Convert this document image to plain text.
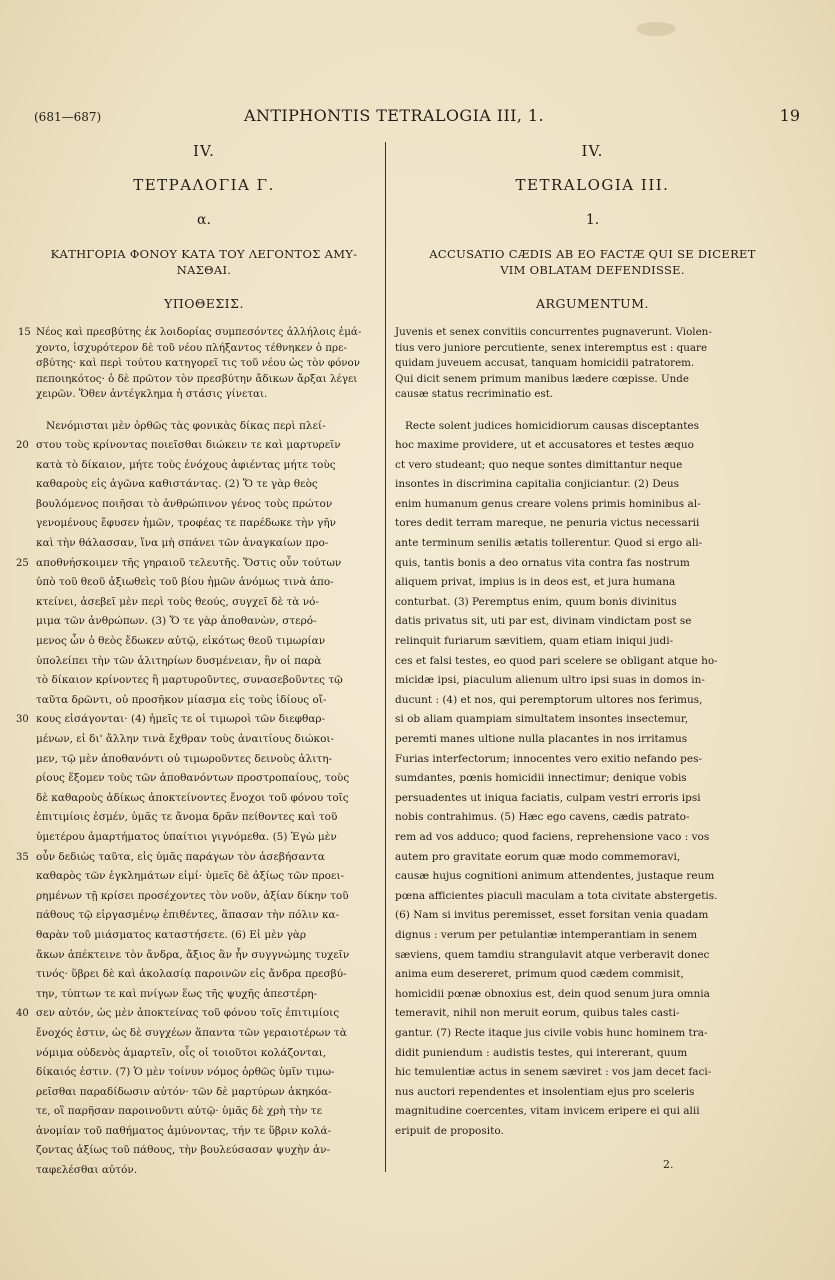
(681—687)	ANTIPHONTIS TETRALOGIA III, 1.	19
IV.
ΤΕΤΡΑΛΟΓΙΑ Γ.
α.
ΚΑΤΗΓΟΡΙΑ ΦΟΝΟΥ ΚΑΤΑ ΤΟΥ ΛΕΓΟΝΤΟΣ ΑΜΥ-
ΝΑΣΘΑΙ.
ΥΠΟΘΕΣΙΣ.

15 Νέος καὶ πρεσβύτης ἐκ λοιδορίας συμπεσόντες ἀλλήλοις ἐμά-
χοντο, ἰσχυρότερον δὲ τοῦ νέου πλήξαντος τέθνηκεν ὁ πρε-
σβύτης· καὶ περὶ τούτου κατηγορεῖ τις τοῦ νέου ὡς τὸν φόνον
πεποιηκότος· ὁ δὲ πρῶτον τὸν πρεσβύτην ἄδικων ἄρξαι λέγει
χειρῶν. Ὅθεν ἀντέγκλημα ἡ στάσις γίνεται.

Νενόμισται μὲν ὀρθῶς τὰς φονικὰς δίκας περὶ πλεί-
20 στου τοὺς κρίνοντας ποιεῖσθαι διώκειν τε καὶ μαρτυρεῖν
κατὰ τὸ δίκαιον, μήτε τοὺς ἐνόχους ἀφιέντας μήτε τοὺς
καθαροὺς εἰς ἀγῶνα καθιστάντας. (2) Ὅ τε γὰρ θεὸς
βουλόμενος ποιῆσαι τὸ ἀνθρώπινον γένος τοὺς πρώτον
γενομένους ἔφυσεν ἡμῶν, τροφέας τε παρέδωκε τὴν γῆν
καὶ τὴν θάλασσαν, ἵνα μὴ σπάνει τῶν ἀναγκαίων προ-
25 αποθνήσκοιμεν τῆς γηραιοῦ τελευτῆς. Ὅστις οὖν τούτων
ὑπὸ τοῦ θεοῦ ἀξιωθεὶς τοῦ βίου ἡμῶν ἀνόμως τινὰ ἀπο-
κτείνει, ἀσεβεῖ μὲν περὶ τοὺς θεούς, συγχεῖ δὲ τὰ νό-
μιμα τῶν ἀνθρώπων. (3) Ὅ τε γὰρ ἀποθανὼν, στερό-
μενος ὧν ὁ θεὸς ἔδωκεν αὐτῷ, εἰκότως θεοῦ τιμωρίαν
ὑπολείπει τὴν τῶν ἀλιτηρίων δυσμένειαν, ἣν οἱ παρὰ
τὸ δίκαιον κρίνοντες ἢ μαρτυροῦντες, συνασεβοῦντες τῷ
ταῦτα δρῶντι, οὐ προσῆκον μίασμα εἰς τοὺς ἰδίους οἴ-
30 κους εἰσάγονται· (4) ἡμεῖς τε οἱ τιμωροὶ τῶν διεφθαρ-
μένων, εἰ δι' ἄλλην τινὰ ἔχθραν τοὺς ἀναιτίους διώκοι-
μεν, τῷ μὲν ἀποθανόντι οὐ τιμωροῦντες δεινοὺς ἀλιτη-
ρίους ἕξομεν τοὺς τῶν ἀποθανόντων προστροπαίους, τοὺς
δὲ καθαροὺς ἀδίκως ἀποκτείνοντες ἔνοχοι τοῦ φόνου τοῖς
ἐπιτιμίοις ἐσμέν, ὑμᾶς τε ἄνομα δρᾶν πείθοντες καὶ τοῦ
ὑμετέρου ἁμαρτήματος ὑπαίτιοι γιγνόμεθα. (5) Ἐγὼ μὲν
35 οὖν δεδιὼς ταῦτα, εἰς ὑμᾶς παράγων τὸν ἀσεβήσαντα
καθαρὸς τῶν ἐγκλημάτων εἰμί· ὑμεῖς δὲ ἀξίως τῶν προει-
ρημένων τῇ κρίσει προσέχοντες τὸν νοῦν, ἀξίαν δίκην τοῦ
πάθους τῷ εἰργασμένῳ ἐπιθέντες, ἅπασαν τὴν πόλιν κα-
θαρὰν τοῦ μιάσματος καταστήσετε. (6) Εἰ μὲν γὰρ
ἄκων ἀπέκτεινε τὸν ἄνδρα, ἄξιος ἂν ἦν συγγνώμης τυχεῖν
τινός· ὕβρει δὲ καὶ ἀκολασίᾳ παροινῶν εἰς ἄνδρα πρεσβύ-
την, τύπτων τε καὶ πνίγων ἕως τῆς ψυχῆς ἀπεστέρη-
40 σεν αὐτόν, ὡς μὲν ἀποκτείνας τοῦ φόνου τοῖς ἐπιτιμίοις
ἔνοχός ἐστιν, ὡς δὲ συγχέων ἅπαντα τῶν γεραιοτέρων τὰ
νόμιμα οὐδενὸς ἁμαρτεῖν, οἷς οἱ τοιοῦτοι κολάζονται,
δίκαιός ἐστιν. (7) Ὁ μὲν τοίνυν νόμος ὀρθῶς ὑμῖν τιμω-
ρεῖσθαι παραδίδωσιν αὐτόν· τῶν δὲ μαρτύρων ἀκηκόα-
τε, οἳ παρῆσαν παροινοῦντι αὐτῷ· ὑμᾶς δὲ χρὴ τὴν τε
ἀνομίαν τοῦ παθήματος ἀμύνοντας, τήν τε ὕβριν κολά-
ζοντας ἀξίως τοῦ πάθους, τὴν βουλεύσασαν ψυχὴν ἀν-
ταφελέσθαι αὐτόν.

IV.
TETRALOGIA III.
1.
ACCUSATIO CÆDIS AB EO FACTÆ QUI SE DICERET
VIM OBLATAM DEFENDISSE.
ARGUMENTUM.

Juvenis et senex convitiis concurrentes pugnaverunt. Violen-
tius vero juniore percutiente, senex interemptus est : quare
quidam juveuem accusat, tanquam homicidii patratorem.
Qui dicit senem primum manibus lædere cœpisse. Unde
causæ status recriminatio est.

Recte solent judices homicidiorum causas disceptantes
hoc maxime providere, ut et accusatores et testes æquo
ct vero studeant; quo neque sontes dimittantur neque
insontes in discrimina capitalia conjiciantur. (2) Deus
enim humanum genus creare volens primis hominibus al-
tores dedit terram mareque, ne penuria victus necessarii
ante terminum senilis ætatis tollerentur. Quod si ergo ali-
quis, tantis bonis a deo ornatus vita contra fas nostrum
aliquem privat, impius is in deos est, et jura humana
conturbat. (3) Peremptus enim, quum bonis divinitus
datis privatus sit, uti par est, divinam vindictam post se
relinquit furiarum sævitiem, quam etiam iniqui judi-
ces et falsi testes, eo quod pari scelere se obligant atque ho-
micidæ ipsi, piaculum alienum ultro ipsi suas in domos in-
ducunt : (4) et nos, qui peremptorum ultores nos ferimus,
si ob aliam quampiam simultatem insontes insectemur,
peremti manes ultione nulla placantes in nos irritamus
Furias interfectorum; innocentes vero exitio nefando pes-
sumdantes, pœnis homicidii innectimur; denique vobis
persuadentes ut iniqua faciatis, culpam vestri erroris ipsi
nobis contrahimus. (5) Hæc ego cavens, cædis patrato-
rem ad vos adduco; quod faciens, reprehensione vaco : vos
autem pro gravitate eorum quæ modo commemoravi,
causæ hujus cognitioni animum attendentes, justaque reum
pœna afficientes piaculi maculam a tota civitate abstergetis.
(6) Nam si invitus peremisset, esset forsitan venia quadam
dignus : verum per petulantiæ intemperantiam in senem
sæviens, quem tamdiu strangulavit atque verberavit donec
anima eum desereret, primum quod cædem commisit,
homicidii pœnæ obnoxius est, dein quod senum jura omnia
temeravit, nihil non meruit eorum, quibus tales casti-
gantur. (7) Recte itaque jus civile vobis hunc hominem tra-
didit puniendum : audistis testes, qui intererant, quum
hic temulentiæ actus in senem sæviret : vos jam decet faci-
nus auctori rependentes et insolentiam ejus pro sceleris
magnitudine coercentes, vitam invicem eripere ei qui alii
eripuit de proposito.

2.
